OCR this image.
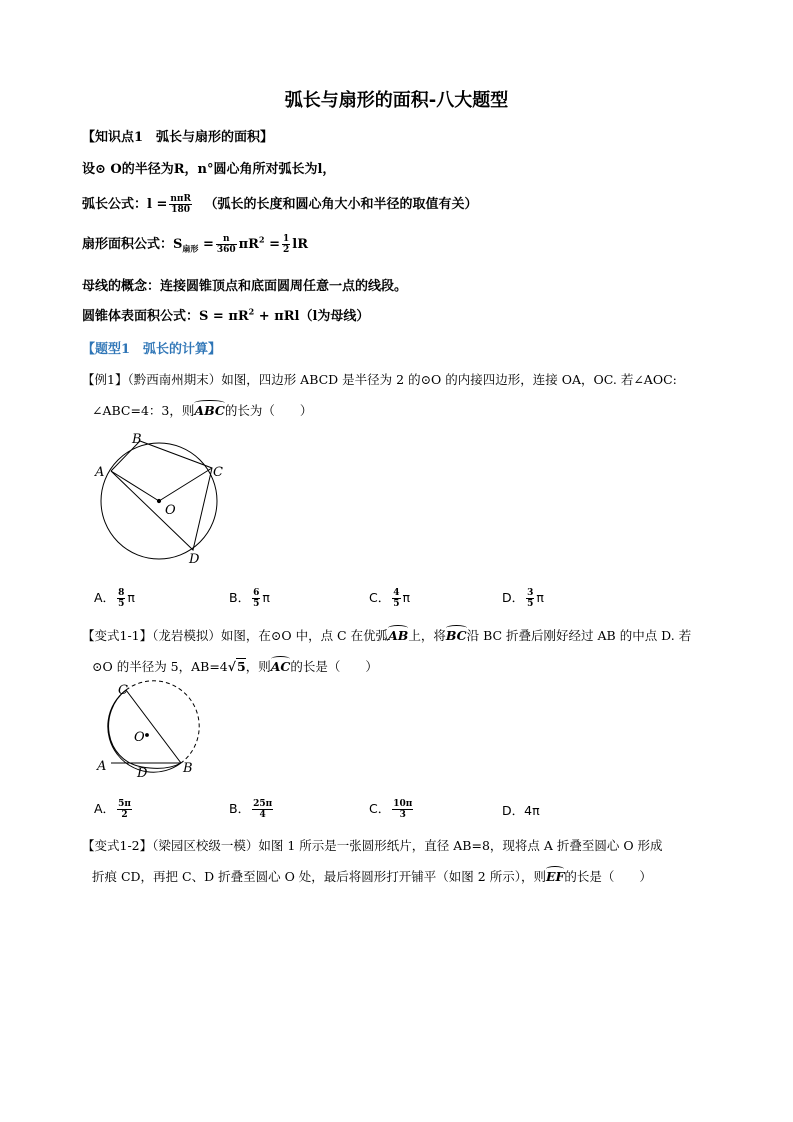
弧长与扇形的面积-八大题型
【知识点1　弧长与扇形的面积】
设⊙ O的半径为R，n°圆心角所对弧长为l，
弧长公式：$l = \frac{\text{nπR}}{180}$ （弧长的长度和圆心角大小和半径的取值有关）
扇形面积公式：$S_{扇形} = \frac{n}{360} \pi R^2 = \frac{1}{2}$ lR
母线的概念：连接圆锥顶点和底面圆周任意一点的线段。
圆锥体表面积公式：$S = \pi R^2 + \pi Rl(l$为母线）
【题型1　弧长的计算】
【例1】（黔西南州期末）如图，四边形 ABCD 是半径为 2 的⊙O 的内接四边形，连接 OA，OC. 若∠AOC:
∠ABC=4：3，则ABC的长为（　　）
A
B
C
D
O
A． $\frac{8}{5}$ π	B． $\frac{6}{5}$ π	C． $\frac{4}{5}$ π	D． $\frac{3}{5}$ π
【变式1-1】（龙岩模拟）如图，在⊙O 中，点 C 在优弧AB上，将BC沿 BC 折叠后刚好经过 AB 的中点 D. 若
⊙O 的半径为 5，AB=4√5，则AC的长是（　　）
C
O
A D	B
A． $\frac{5\pi}{2}$	B． $\frac{25\pi}{4}$	C． $\frac{10\pi}{3}$	D．4π
【变式1-2】（梁园区校级一模）如图 1 所示是一张圆形纸片，直径 AB=8，现将点 A 折叠至圆心 O 形成
折痕 CD，再把 C、D 折叠至圆心 O 处，最后将圆形打开铺平（如图 2 所示），则EF的长是（　　）
